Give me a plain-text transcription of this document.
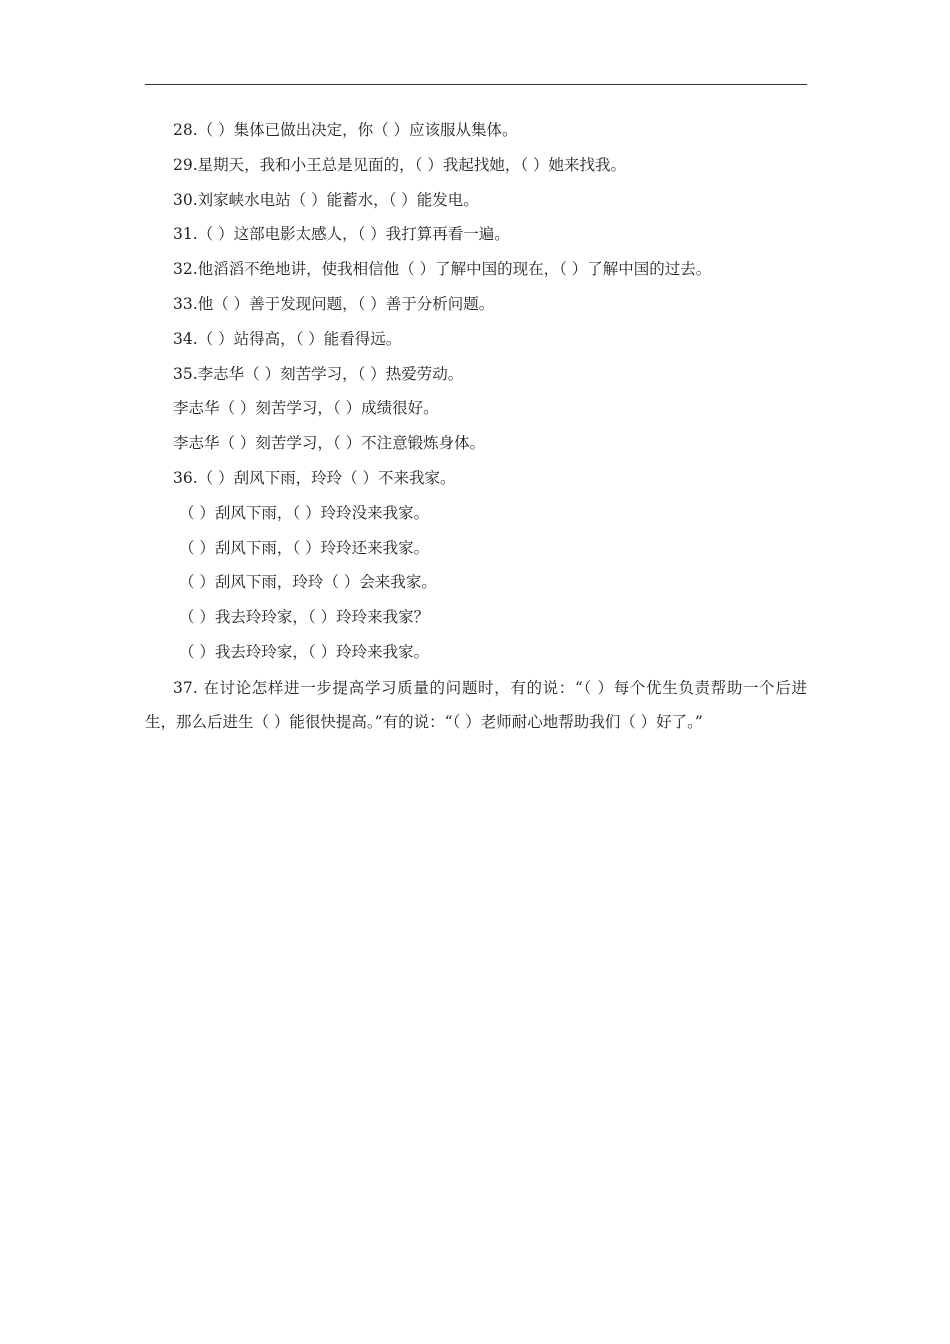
28.（ ）集体已做出决定，你（ ）应该服从集体。
29.星期天，我和小王总是见面的，（ ）我起找她，（ ）她来找我。
30.刘家峡水电站（ ）能蓄水，（ ）能发电。
31.（ ）这部电影太感人，（ ）我打算再看一遍。
32.他滔滔不绝地讲，使我相信他（ ）了解中国的现在，（ ）了解中国的过去。
33.他（ ）善于发现问题，（ ）善于分析问题。
34.（ ）站得高，（ ）能看得远。
35.李志华（ ）刻苦学习，（ ）热爱劳动。
李志华（ ）刻苦学习，（ ）成绩很好。
李志华（ ）刻苦学习，（ ）不注意锻炼身体。
36.（ ）刮风下雨，玲玲（ ）不来我家。
（ ）刮风下雨，（ ）玲玲没来我家。
（ ）刮风下雨，（ ）玲玲还来我家。
（ ）刮风下雨，玲玲（ ）会来我家。
（ ）我去玲玲家，（ ）玲玲来我家？
（ ）我去玲玲家，（ ）玲玲来我家。
37. 在讨论怎样进一步提高学习质量的问题时，有的说：“（ ）每个优生负责帮助一个后进生，那么后进生（ ）能很快提高。”有的说：“（ ）老师耐心地帮助我们（ ）好了。”
